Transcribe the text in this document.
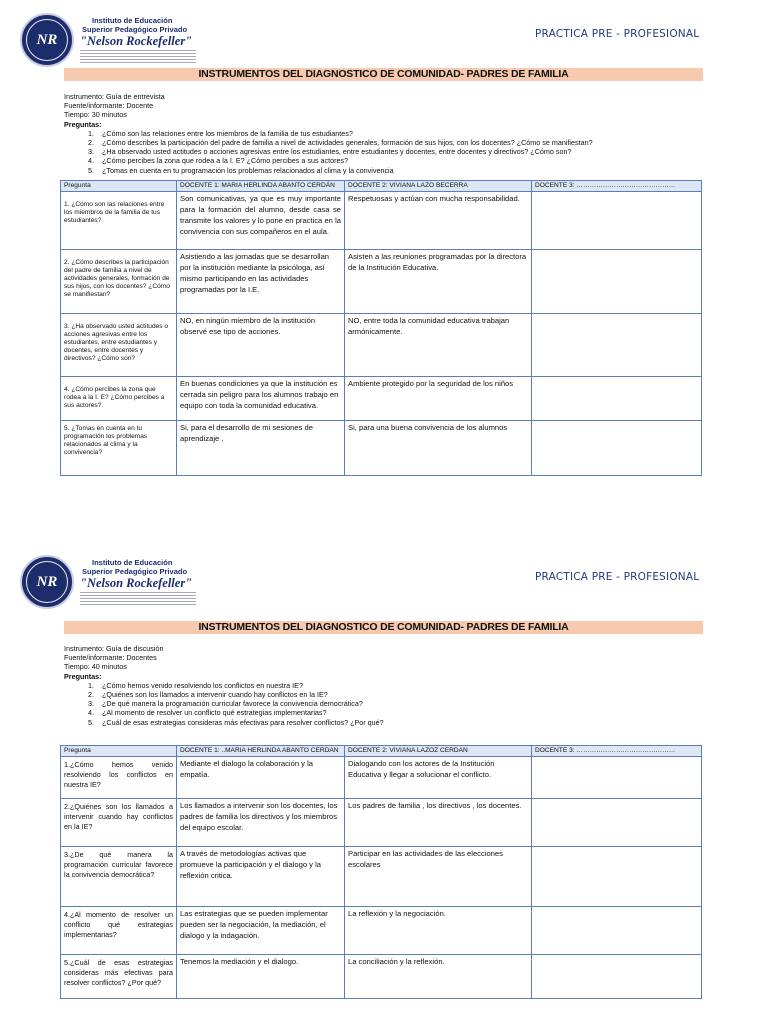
NR
Instituto de Educación
Superior Pedagógico Privado
"Nelson Rockefeller"	PRACTICA PRE - PROFESIONAL
INSTRUMENTOS DEL DIAGNOSTICO DE COMUNIDAD- PADRES DE FAMILIA
Instrumento: Guía de entrevista
Fuente/informante: Docente
Tiempo: 30 minutos
Preguntas:
1. ¿Cómo son las relaciones entre los miembros de la familia de tus estudiantes?
2. ¿Cómo describes la participación del padre de familia a nivel de actividades generales, formación de sus hijos, con los docentes? ¿Cómo se manifiestan?
3. ¿Ha observado usted actitudes o acciones agresivas entre los estudiantes, entre estudiantes y docentes, entre docentes y directivos? ¿Cómo son?
4. ¿Cómo percibes la zona que rodea a la I. E? ¿Cómo percibes a sus actores?
5. ¿Tomas en cuenta en tu programación los problemas relacionados al clima y la convivencia
Pregunta	DOCENTE 1: MARIA HERLINDA ABANTO CERDÁN	DOCENTE 2: VIVIANA LAZO BECERRA	DOCENTE 3: ………………………………………
1. ¿Cómo son las relaciones entre los miembros de la familia de tus estudiantes?	Son comunicativas, ya que es muy importante para la formación del alumno, desde casa se transmite los valores y lo pone en practica en la convivencia con sus compañeros en el aula.	Respetuosas y actúan con mucha responsabilidad.	
2. ¿Cómo describes la participación del padre de familia a nivel de actividades generales, formación de sus hijos, con los docentes? ¿Cómo se manifiestan?	Asistiendo a las jornadas que se desarrollan por la institución mediante la psicóloga, así mismo participando en las actividades programadas por la I.E.	Asisten a las reuniones programadas por la directora de la Institución Educativa.	
3. ¿Ha observado usted actitudes o acciones agresivas entre los estudiantes, entre estudiantes y docentes, entre docentes y directivos? ¿Cómo son?	NO, en ningún miembro de la institución observé ese tipo de acciones.	NO, entre toda la comunidad educativa trabajan armónicamente.	
4. ¿Cómo percibes la zona que rodea a la I. E? ¿Cómo percibes a sus actores?	En buenas condiciones ya que la institución es cerrada sin peligro para los alumnos trabajo en equipo con toda la comunidad educativa.	Ambiente protegido por la seguridad de los niños	
5. ¿Tomas en cuenta en tu programación los problemas relacionados al clima y la convivencia?	Si, para el desarrollo de mi sesiones de aprendizaje .	Si, para una buena convivencia de los alumnos	
NR
Instituto de Educación
Superior Pedagógico Privado
"Nelson Rockefeller"	PRACTICA PRE - PROFESIONAL
INSTRUMENTOS DEL DIAGNOSTICO DE COMUNIDAD- PADRES DE FAMILIA
Instrumento: Guía de discusión
Fuente/informante: Docentes
Tiempo: 40 minutos
Preguntas:
1. ¿Cómo hemos venido resolviendo los conflictos en nuestra IE?
2. ¿Quiénes son los llamados a intervenir cuando hay conflictos en la IE?
3. ¿De qué manera la programación curricular favorece la convivencia democrática?
4. ¿Al momento de resolver un conflicto qué estrategias implementarias?
5. ¿Cuál de esas estrategias consideras más efectivas para resolver conflictos? ¿Por qué?
Pregunta	DOCENTE 1: ..MARIA HERLINDA ABANTO CERDAN	DOCENTE 2: VIVIANA LAZOZ CERDAN	DOCENTE 3: ………………………………………
1.¿Cómo hemos venido resolviendo los conflictos en nuestra IE?	Mediante el dialogo la colaboración y la empatía.	Dialogando con los actores de la Institución Educativa y llegar a solucionar el conflicto.	
2.¿Quiénes son los llamados a intervenir cuando hay conflictos en la IE?	Los llamados a intervenir son los docentes, los padres de familia los directivos y los miembros del equipo escolar.	Los padres de familia , los directivos , los docentes.	
3.¿De qué manera la programación curricular favorece la convivencia democrática?	A través de metodologías activas que promueve la participación y el dialogo y la reflexión critica.	Participar en las actividades de las elecciones escolares	
4.¿Al momento de resolver un conflicto qué estrategias implementarias?	Las estrategias que se pueden implementar pueden ser la negociación, la mediación, el dialogo y la indagación.	La reflexión y la negociación.	
5.¿Cuál de esas estrategias consideras más efectivas para resolver conflictos? ¿Por qué?	Tenemos la mediación y el dialogo.	La conciliación y la reflexión.	
